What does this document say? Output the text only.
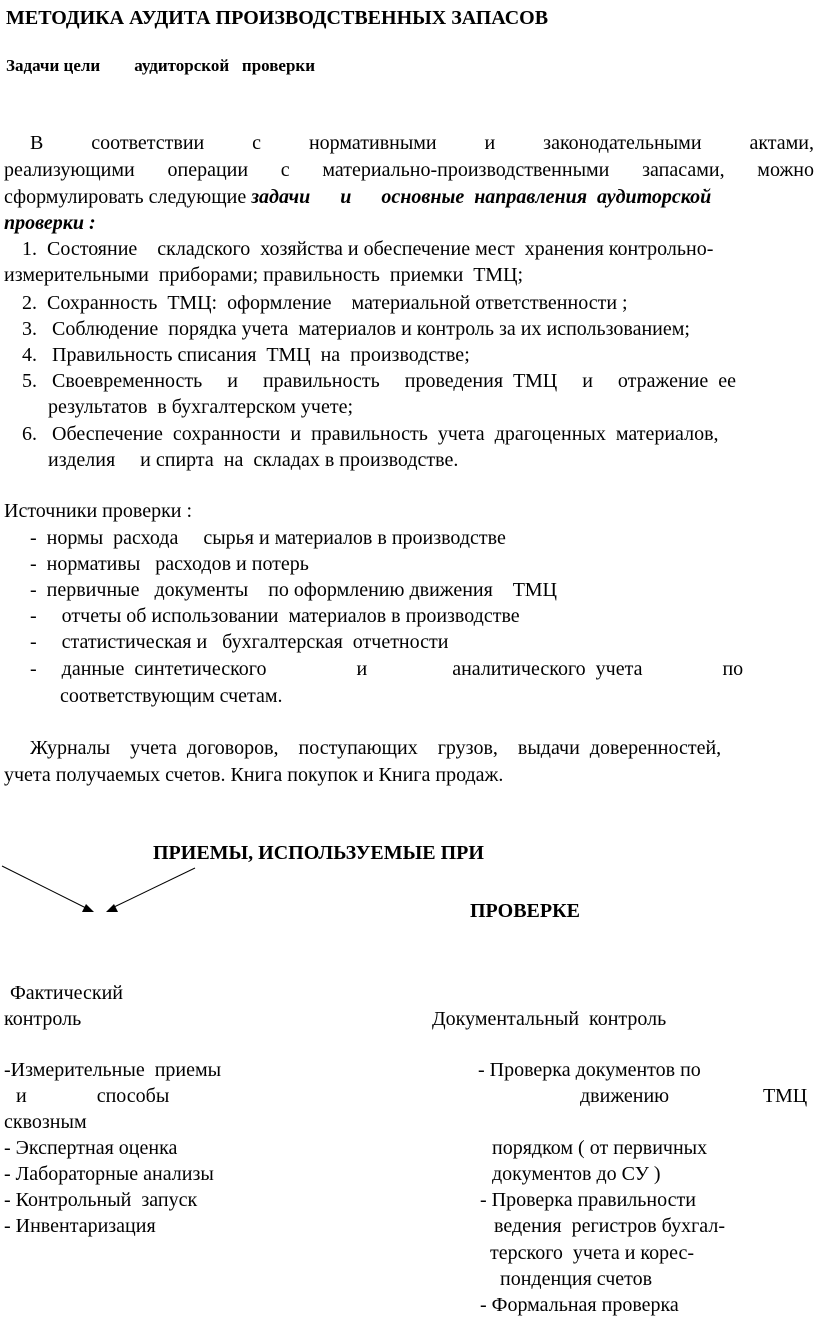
МЕТОДИКА АУДИТА ПРОИЗВОДСТВЕННЫХ ЗАПАСОВ
Задачи цели        аудиторской   проверки
В соответствии с нормативными и законодательными актами,
реализующими операции с материально-производственными запасами, можно
сформулировать следующие задачи      и      основные  направления  аудиторской
проверки :
1.  Состояние    складского  хозяйства и обеспечение мест  хранения контрольно-
измерительными  приборами; правильность  приемки  ТМЦ;
2.  Сохранность  ТМЦ:  оформление    материальной ответственности ;
3.   Соблюдение  порядка учета  материалов и контроль за их использованием;
4.   Правильность списания  ТМЦ  на  производстве;
5.   Своевременность     и     правильность     проведения  ТМЦ     и     отражение  ее
результатов  в бухгалтерском учете;
6.   Обеспечение  сохранности  и  правильность  учета  драгоценных  материалов,
изделия     и спирта  на  складах в производстве.
Источники проверки :
-  нормы  расхода     сырья и материалов в производстве
-  нормативы   расходов и потерь
-  первичные   документы    по оформлению движения    ТМЦ
-     отчеты об использовании  материалов в производстве
-     статистическая и   бухгалтерская  отчетности
-     данные  синтетического                  и                 аналитического  учета                по
соответствующим счетам.
Журналы    учета  договоров,    поступающих    грузов,    выдачи  доверенностей,
учета получаемых счетов. Книга покупок и Книга продаж.
ПРИЕМЫ, ИСПОЛЬЗУЕМЫЕ ПРИ
ПРОВЕРКЕ
Фактический
контроль	Документальный  контроль
-Измерительные  приемы
и              способы
сквозным
- Экспертная оценка
- Лабораторные анализы
- Контрольный  запуск
- Инвентаризация
- Проверка документов по
движению	ТМЦ
порядком ( от первичных
документов до СУ )
- Проверка правильности
ведения  регистров бухгал-
терского  учета и корес-
понденция счетов
- Формальная проверка
